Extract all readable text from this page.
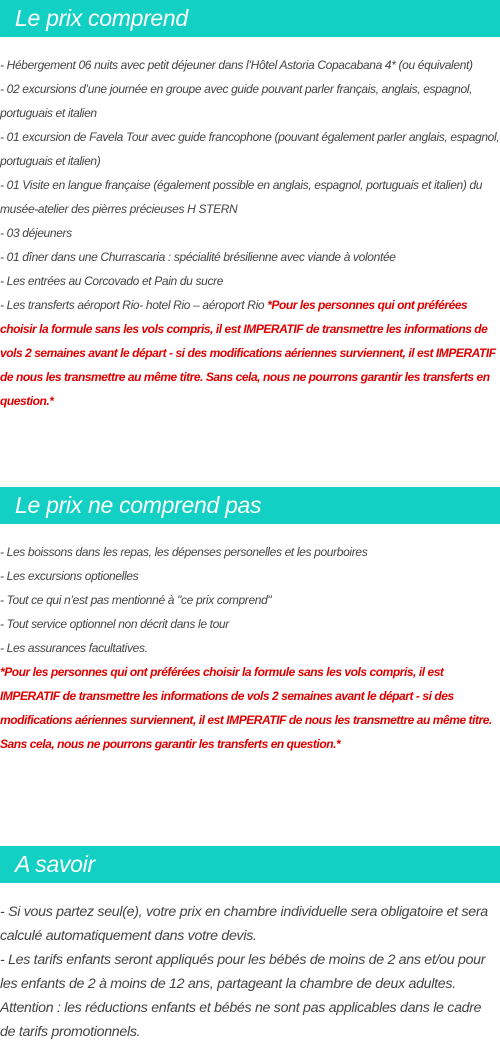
Le prix comprend

- Hébergement 06 nuits avec petit déjeuner dans l’Hôtel Astoria Copacabana 4* (ou équivalent)

- 02 excursions d’une journée en groupe avec guide pouvant parler français, anglais, espagnol, portuguais et italien

- 01 excursion de Favela Tour avec guide francophone (pouvant également parler anglais, espagnol, portuguais et italien)

- 01 Visite en langue française (également possible en anglais, espagnol, portuguais et italien) du musée-atelier des pièrres précieuses H STERN

- 03 déjeuners

- 01 dîner dans une Churrascaria : spécialité brésilienne avec viande à volontée

- Les entrées au Corcovado et Pain du sucre

- Les transferts aéroport Rio- hotel Rio – aéroport Rio *Pour les personnes qui ont préférées choisir la formule sans les vols compris, il est IMPERATIF de transmettre les informations de vols 2 semaines avant le départ - si des modifications aériennes surviennent, il est IMPERATIF de nous les transmettre au même titre. Sans cela, nous ne pourrons garantir les transferts en question.*

Le prix ne comprend pas

- Les boissons dans les repas, les dépenses personelles et les pourboires

- Les excursions optionelles

- Tout ce qui n’est pas mentionné à "ce prix comprend"

- Tout service optionnel non décrit dans le tour

- Les assurances facultatives.

*Pour les personnes qui ont préférées choisir la formule sans les vols compris, il est IMPERATIF de transmettre les informations de vols 2 semaines avant le départ - si des modifications aériennes surviennent, il est IMPERATIF de nous les transmettre au même titre. Sans cela, nous ne pourrons garantir les transferts en question.*

A savoir

- Si vous partez seul(e), votre prix en chambre individuelle sera obligatoire et sera calculé automatiquement dans votre devis.

- Les tarifs enfants seront appliqués pour les bébés de moins de 2 ans et/ou pour les enfants de 2 à moins de 12 ans, partageant la chambre de deux adultes.

Attention : les réductions enfants et bébés ne sont pas applicables dans le cadre de tarifs promotionnels.
